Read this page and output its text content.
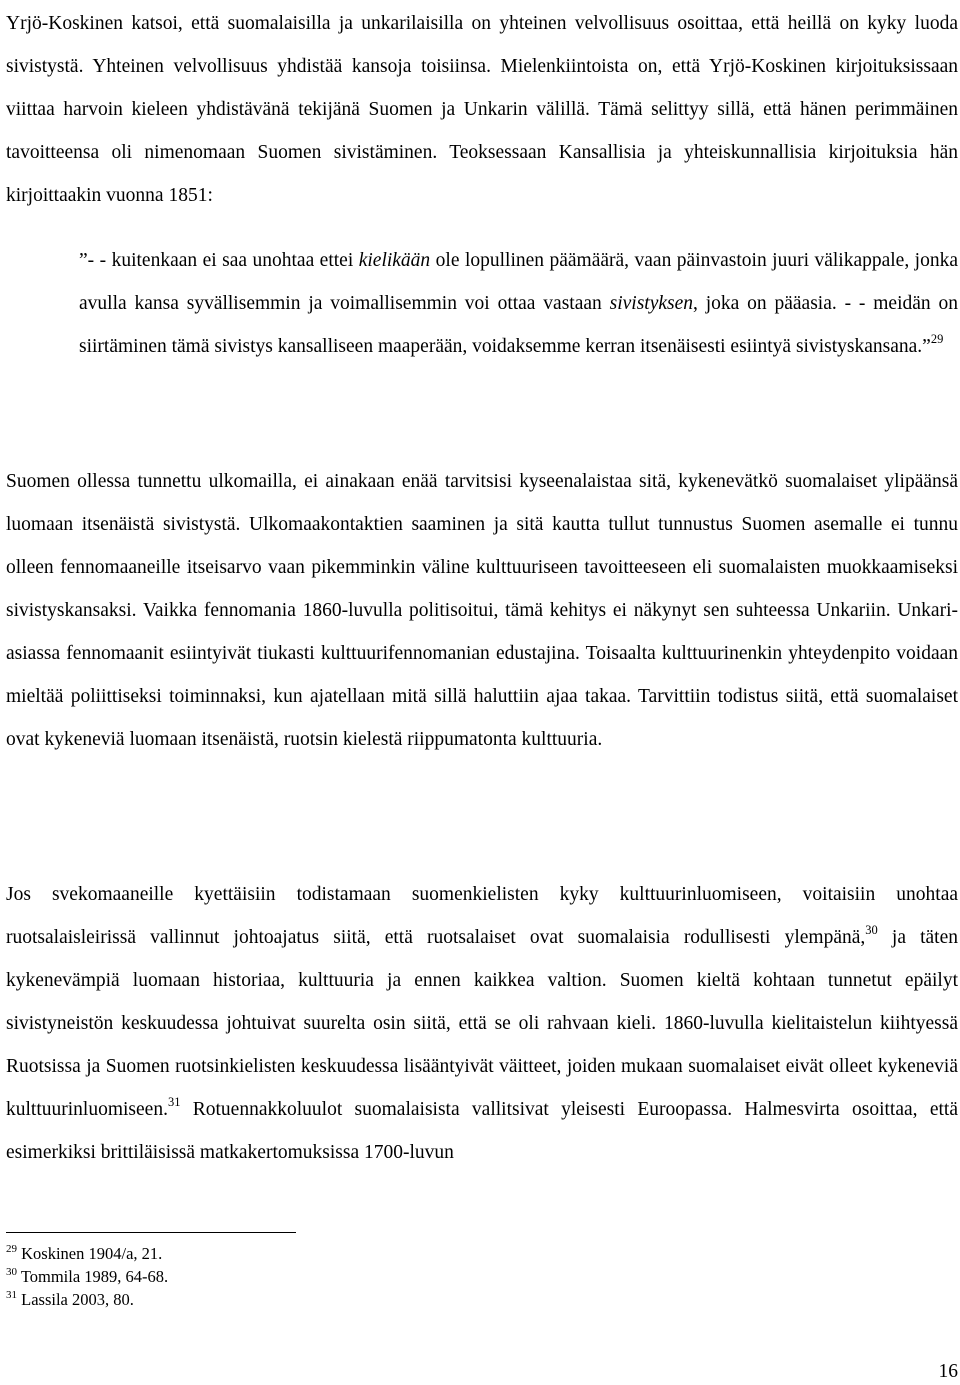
Yrjö-Koskinen katsoi, että suomalaisilla ja unkarilaisilla on yhteinen velvollisuus osoittaa, että heillä on kyky luoda sivistystä. Yhteinen velvollisuus yhdistää kansoja toisiinsa. Mielenkiintoista on, että Yrjö-Koskinen kirjoituksissaan viittaa harvoin kieleen yhdistävänä tekijänä Suomen ja Unkarin välillä. Tämä selittyy sillä, että hänen perimmäinen tavoitteensa oli nimenomaan Suomen sivistäminen. Teoksessaan Kansallisia ja yhteiskunnallisia kirjoituksia hän kirjoittaakin vuonna 1851:

”- - kuitenkaan ei saa unohtaa ettei kielikään ole lopullinen päämäärä, vaan päinvastoin juuri välikappale, jonka avulla kansa syvällisemmin ja voimallisemmin voi ottaa vastaan sivistyksen, joka on pääasia. - - meidän on siirtäminen tämä sivistys kansalliseen maaperään, voidaksemme kerran itsenäisesti esiintyä sivistyskansana.”$^{29}$

Suomen ollessa tunnettu ulkomailla, ei ainakaan enää tarvitsisi kyseenalaistaa sitä, kykenevätkö suomalaiset ylipäänsä luomaan itsenäistä sivistystä. Ulkomaakontaktien saaminen ja sitä kautta tullut tunnustus Suomen asemalle ei tunnu olleen fennomaaneille itseisarvo vaan pikemminkin väline kulttuuriseen tavoitteeseen eli suomalaisten muokkaamiseksi sivistyskansaksi. Vaikka fennomania 1860-luvulla politisoitui, tämä kehitys ei näkynyt sen suhteessa Unkariin. Unkari-asiassa fennomaanit esiintyivät tiukasti kulttuurifennomanian edustajina. Toisaalta kulttuurinenkin yhteydenpito voidaan mieltää poliittiseksi toiminnaksi, kun ajatellaan mitä sillä haluttiin ajaa takaa. Tarvittiin todistus siitä, että suomalaiset ovat kykeneviä luomaan itsenäistä, ruotsin kielestä riippumatonta kulttuuria.

Jos svekomaaneille kyettäisiin todistamaan suomenkielisten kyky kulttuurinluomiseen, voitaisiin unohtaa ruotsalaisleirissä vallinnut johtoajatus siitä, että ruotsalaiset ovat suomalaisia rodullisesti ylempänä,$^{30}$ ja täten kykenevämpiä luomaan historiaa, kulttuuria ja ennen kaikkea valtion. Suomen kieltä kohtaan tunnetut epäilyt sivistyneistön keskuudessa johtuivat suurelta osin siitä, että se oli rahvaan kieli. 1860-luvulla kielitaistelun kiihtyessä Ruotsissa ja Suomen ruotsinkielisten keskuudessa lisääntyivät väitteet, joiden mukaan suomalaiset eivät olleet kykeneviä kulttuurinluomiseen.$^{31}$ Rotuennakkoluulot suomalaisista vallitsivat yleisesti Euroopassa. Halmesvirta osoittaa, että esimerkiksi brittiläisissä matkakertomuksissa 1700-luvun

$^{29}$ Koskinen 1904/a, 21.
$^{30}$ Tommila 1989, 64-68.
$^{31}$ Lassila 2003, 80.
16
